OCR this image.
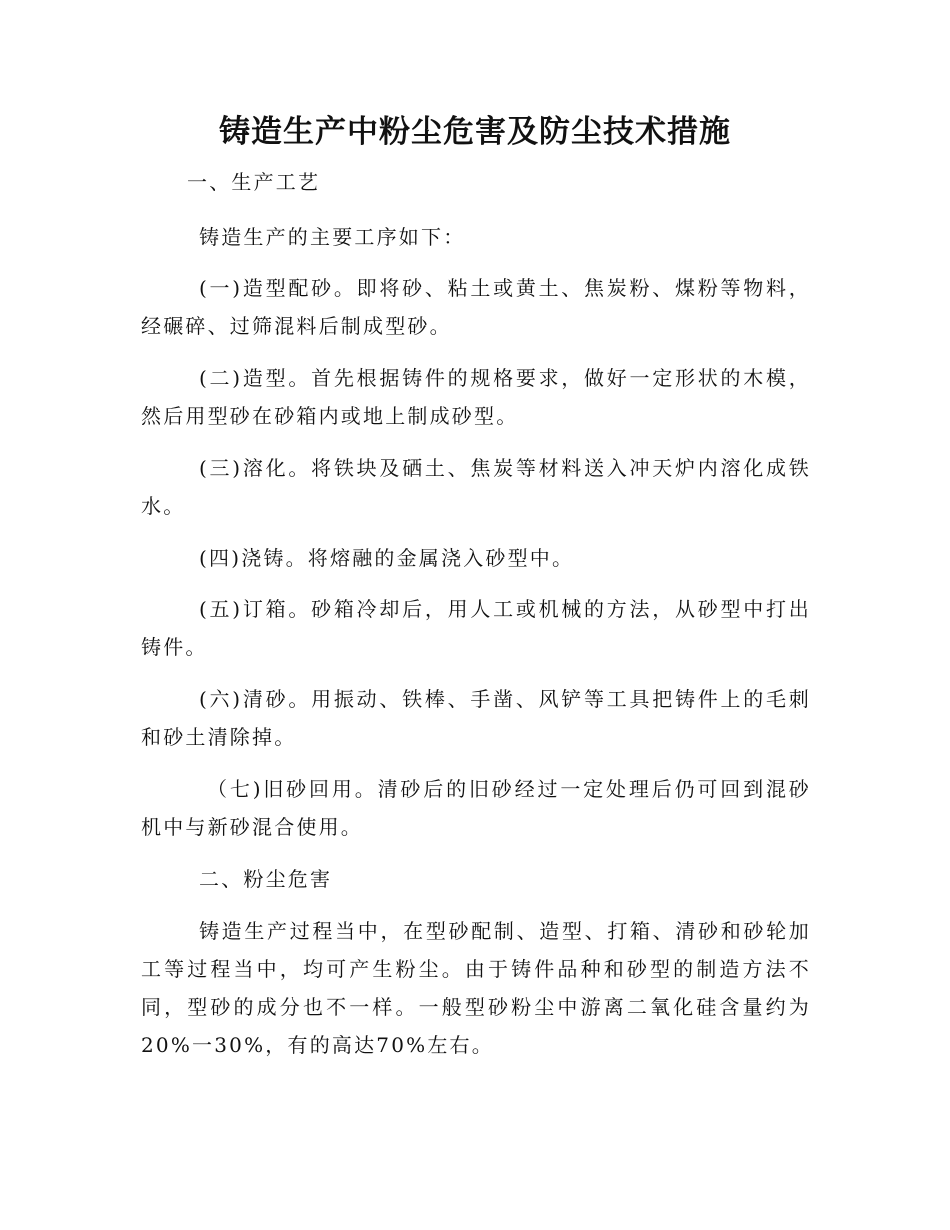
铸造生产中粉尘危害及防尘技术措施

一、生产工艺

铸造生产的主要工序如下：

(一)造型配砂。即将砂、粘土或黄土、焦炭粉、煤粉等物料，经碾碎、过筛混料后制成型砂。

(二)造型。首先根据铸件的规格要求，做好一定形状的木模，然后用型砂在砂箱内或地上制成砂型。

(三)溶化。将铁块及硒土、焦炭等材料送入冲天炉内溶化成铁水。

(四)浇铸。将熔融的金属浇入砂型中。

(五)订箱。砂箱冷却后，用人工或机械的方法，从砂型中打出铸件。

(六)清砂。用振动、铁棒、手凿、风铲等工具把铸件上的毛刺和砂土清除掉。

（七)旧砂回用。清砂后的旧砂经过一定处理后仍可回到混砂机中与新砂混合使用。

二、粉尘危害

铸造生产过程当中，在型砂配制、造型、打箱、清砂和砂轮加工等过程当中，均可产生粉尘。由于铸件品种和砂型的制造方法不同，型砂的成分也不一样。一般型砂粉尘中游离二氧化硅含量约为20%一30%，有的高达70%左右。
